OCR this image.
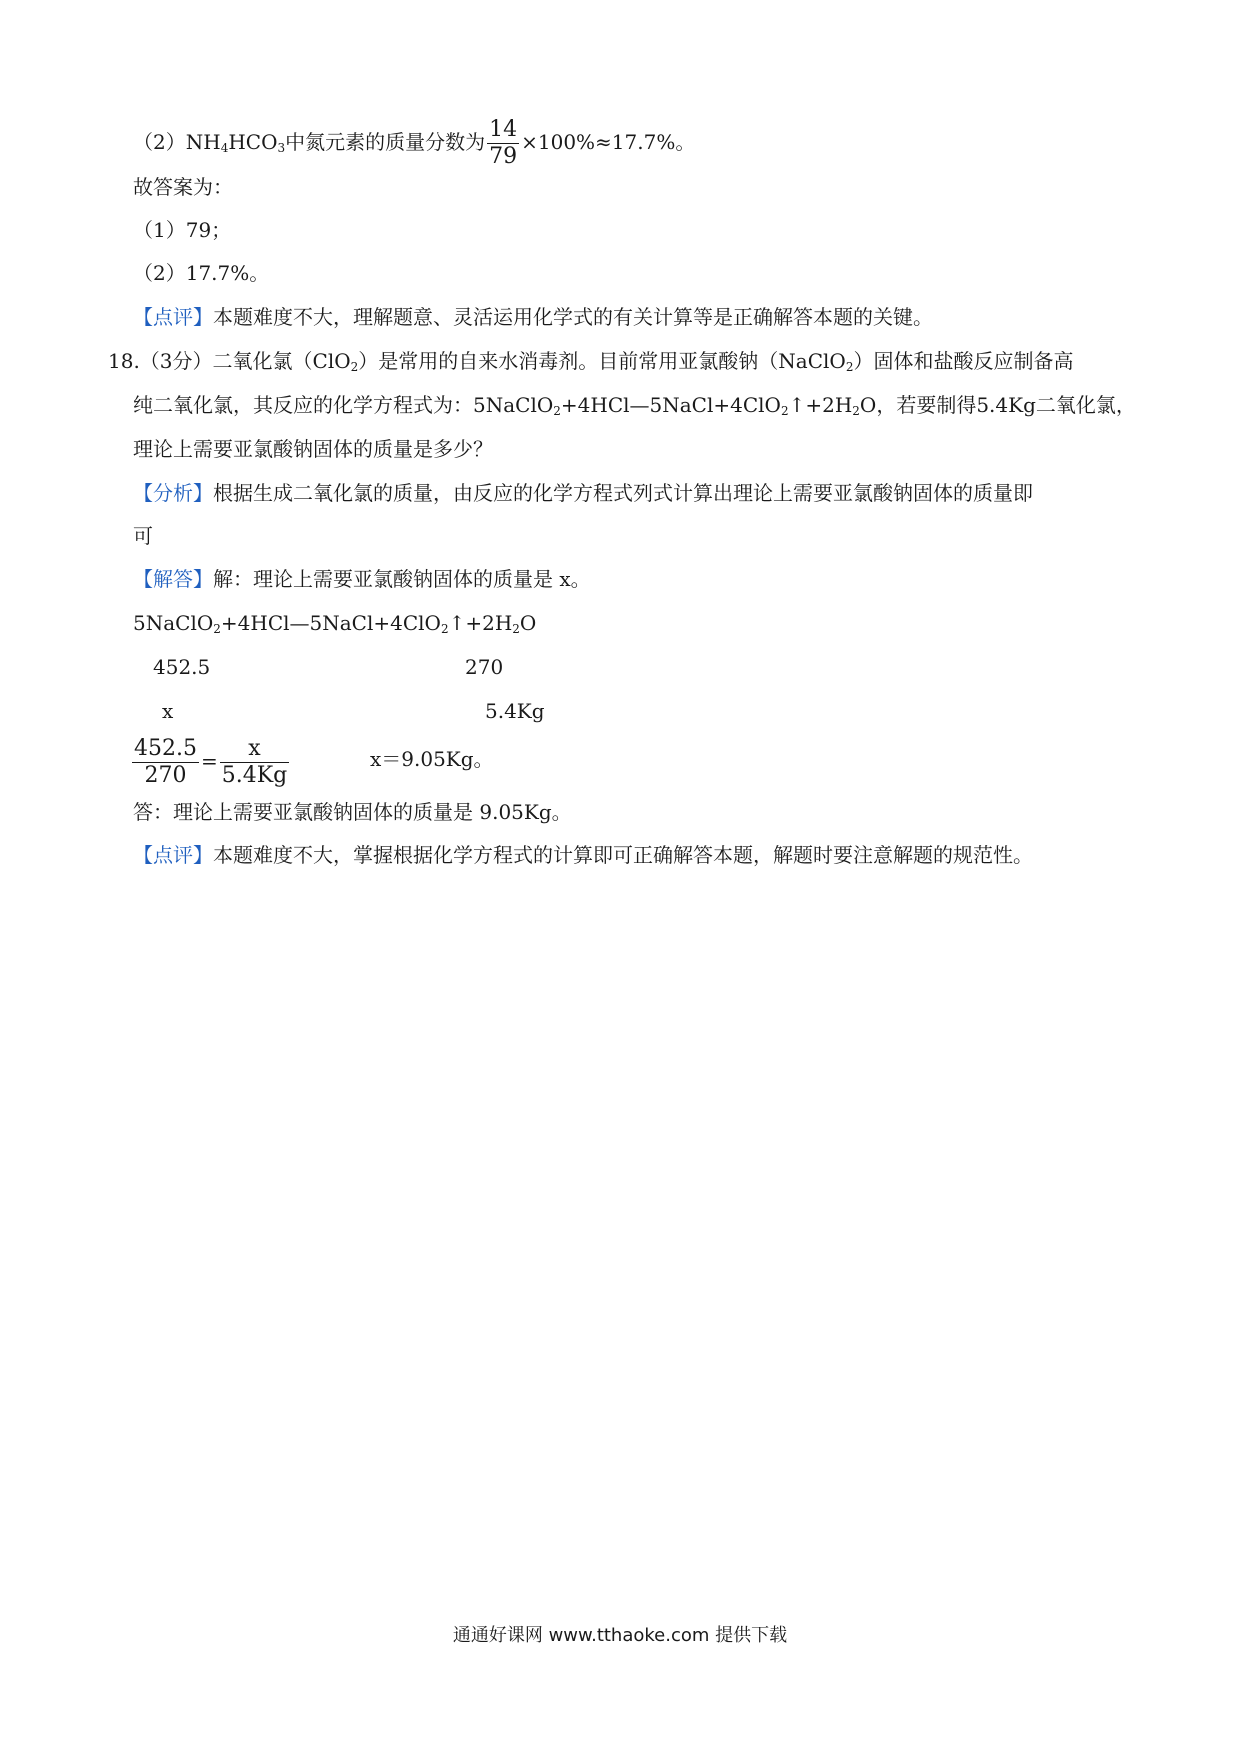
$(2)NH_4HCO_3$中氮元素的质量分数为 $\frac{14}{79} \times 100\%\approx 17.7\%$。
故答案为：
（1）79；
（2）17.7%。
【点评】本题难度不大，理解题意、灵活运用化学式的有关计算等是正确解答本题的关键。
18.（3分）二氧化氯（ClO$_2$）是常用的自来水消毒剂。目前常用亚氯酸钠（NaClO$_2$）固体和盐酸反应制备高
纯二氧化氯，其反应的化学方程式为：$5NaClO_2+4HCl—5NaCl+4ClO_2↑+2H_2O$，若要制得5.4Kg二氧化氯，
理论上需要亚氯酸钠固体的质量是多少？
【分析】根据生成二氧化氯的质量，由反应的化学方程式列式计算出理论上需要亚氯酸钠固体的质量即
可
【解答】解：理论上需要亚氯酸钠固体的质量是 x。
$5NaClO_2+4HCl—5NaCl+4ClO_2↑+2H_2O$
452.5	270
x	5.4Kg
$\frac{452.5}{270} = \frac{x}{5.4Kg}$	x＝9.05Kg。
答：理论上需要亚氯酸钠固体的质量是 9.05Kg。
【点评】本题难度不大，掌握根据化学方程式的计算即可正确解答本题，解题时要注意解题的规范性。
通通好课网 www.tthaoke.com 提供下载
